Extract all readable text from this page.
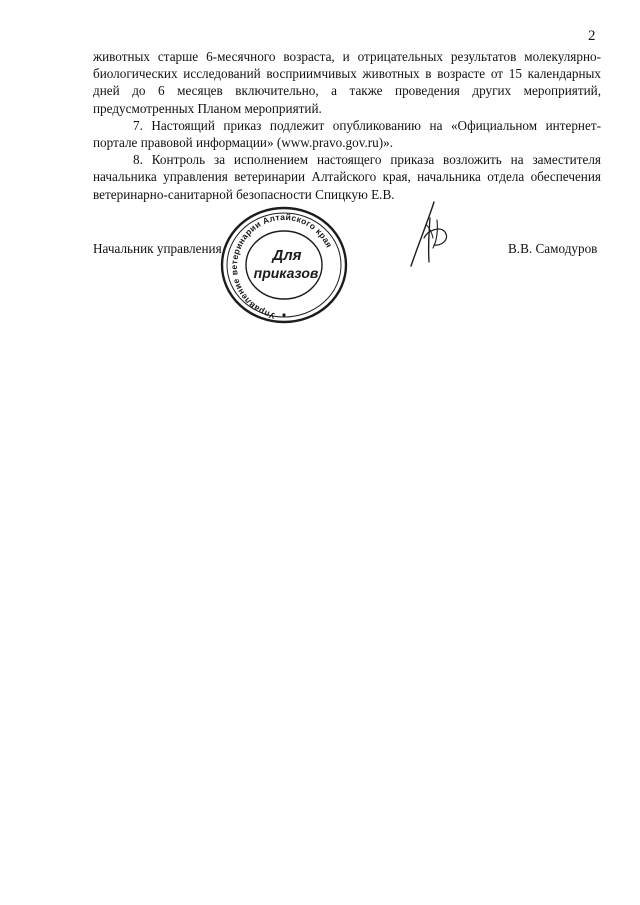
2

животных старше 6-месячного возраста, и отрицательных результатов молекулярно-биологических исследований восприимчивых животных в возрасте от 15 календарных дней до 6 месяцев включительно, а также проведения других мероприятий, предусмотренных Планом мероприятий.

7. Настоящий приказ подлежит опубликованию на «Официальном интернет-портале правовой информации» (www.pravo.gov.ru)».

8. Контроль за исполнением настоящего приказа возложить на заместителя начальника управления ветеринарии Алтайского края, начальника отдела обеспечения ветеринарно-санитарной безопасности Спицкую Е.В.

Начальник управления
Управление ветеринарии Алтайского края
Для
приказов
В.В. Самодуров
